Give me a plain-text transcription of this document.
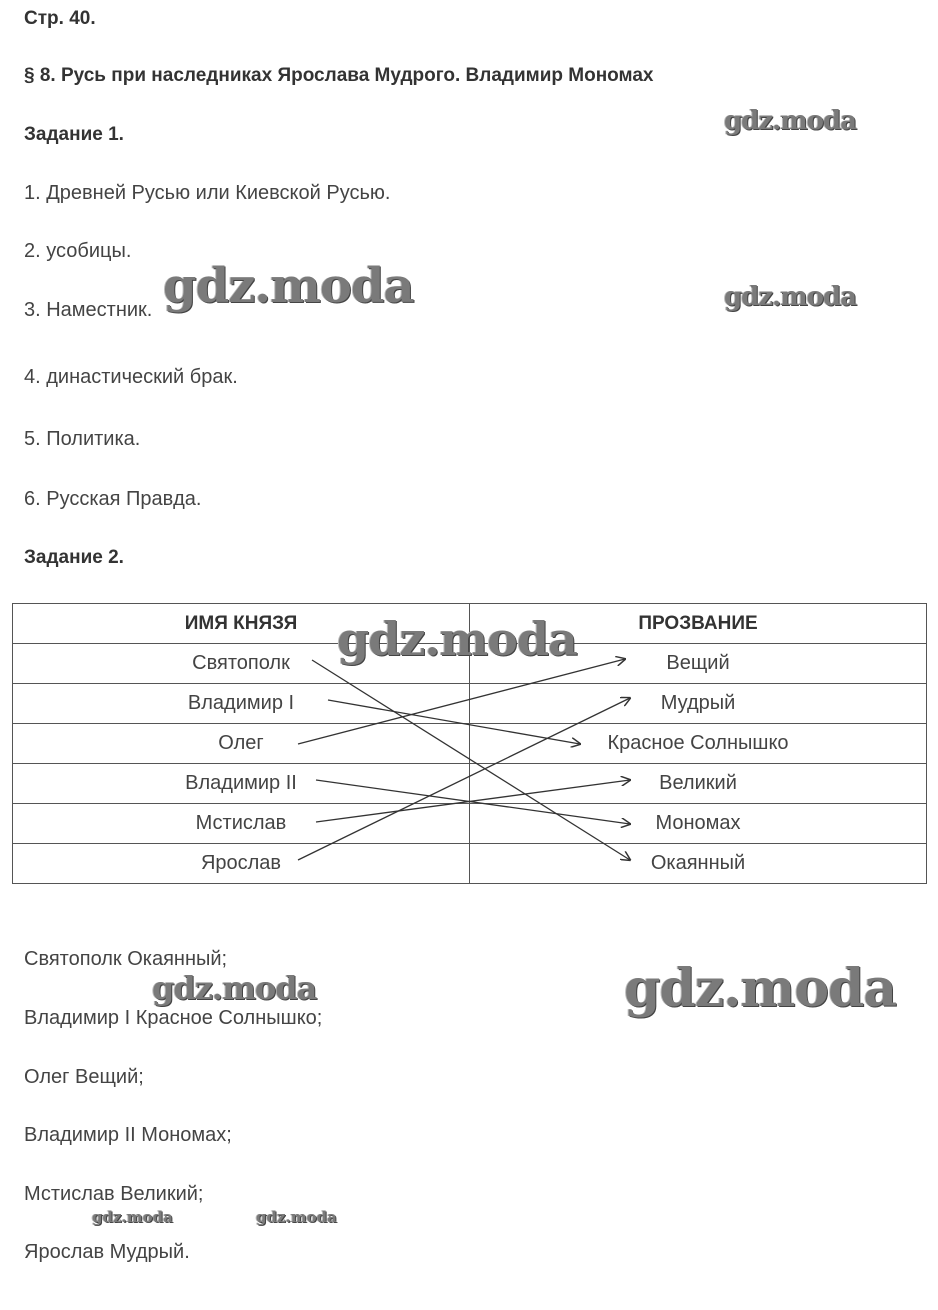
Стр. 40.
§ 8. Русь при наследниках Ярослава Мудрого. Владимир Мономах
Задание 1.
1. Древней Русью или Киевской Русью.
2. усобицы.
3. Наместник.
4. династический брак.
5. Политика.
6. Русская Правда.
Задание 2.
ИМЯ КНЯЗЯ	ПРОЗВАНИЕ
Святополк	Вещий
Владимир I	Мудрый
Олег	Красное Солнышко
Владимир II	Великий
Мстислав	Мономах
Ярослав	Окаянный
Святополк Окаянный;
Владимир I Красное Солнышко;
Олег Вещий;
Владимир II Мономах;
Мстислав Великий;
Ярослав Мудрый.
gdz.moda
gdz.moda	gdz.moda
gdz.moda
gdz.moda	gdz.moda
gdz.moda	gdz.moda
